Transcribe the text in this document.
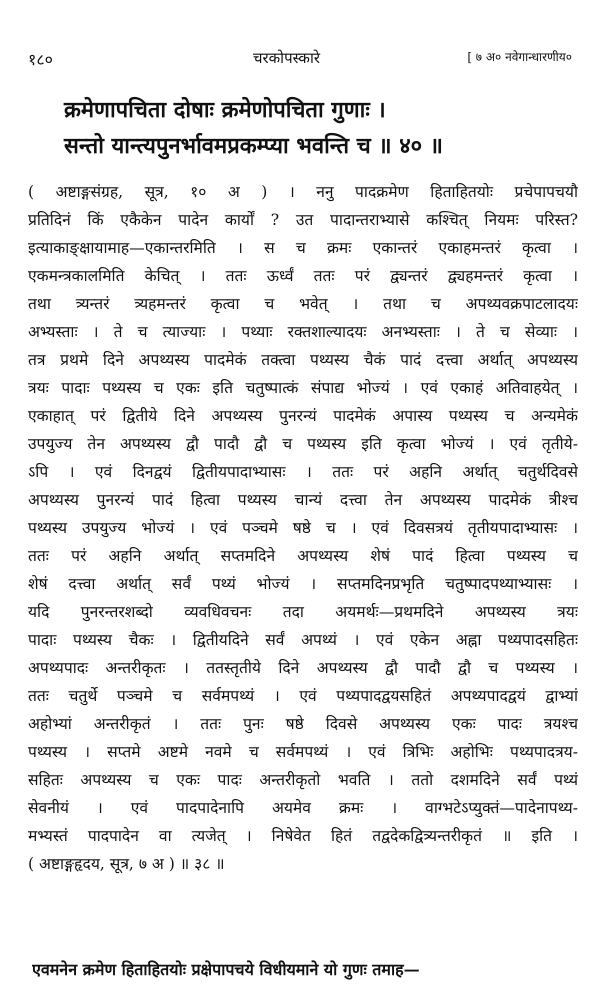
१८०	चरकोपस्कारे	[ ७ अ० नवेगान्धारणीय०
क्रमेणापचिता दोषाः क्रमेणोपचिता गुणाः ।
सन्तो यान्त्यपुनर्भावमप्रकम्प्या भवन्ति च ॥ ४० ॥
( अष्टाङ्गसंग्रह, सूत्र, १० अ ) । ननु पादक्रमेण हिताहितयोः प्रचेपापचयौ
प्रतिदिनं किं एकैकेन पादेन कार्यों ? उत पादान्तराभ्यासे कश्चित् नियमः परिस्त?
इत्याकाङ्क्षायामाह—एकान्तरमिति । स च क्रमः एकान्तरं एकाहमन्तरं कृत्वा ।
एकमन्त्रकालमिति केचित् । ततः ऊर्ध्वं ततः परं द्व्यन्तरं द्व्यहमन्तरं कृत्वा ।
तथा त्र्यन्तरं त्र्यहमन्तरं कृत्वा च भवेत् । तथा च अपथ्यवक्रपाटलादयः
अभ्यस्ताः । ते च त्याज्याः । पथ्याः रक्तशाल्यादयः अनभ्यस्ताः । ते च सेव्याः ।
तत्र प्रथमे दिने अपथ्यस्य पादमेकं तक्त्वा पथ्यस्य चैकं पादं दत्त्वा अर्थात् अपथ्यस्य
त्रयः पादाः पथ्यस्य च एकः इति चतुष्पात्कं संपाद्य भोज्यं । एवं एकाहं अतिवाहयेत् ।
एकाहात् परं द्वितीये दिने अपथ्यस्य पुनरन्यं पादमेकं अपास्य पथ्यस्य च अन्यमेकं
उपयुज्य तेन अपथ्यस्य द्वौ पादौ द्वौ च पथ्यस्य इति कृत्वा भोज्यं । एवं तृतीये-
ऽपि । एवं दिनद्वयं द्वितीयपादाभ्यासः । ततः परं अहनि अर्थात् चतुर्थदिवसे
अपथ्यस्य पुनरन्यं पादं हित्वा पथ्यस्य चान्यं दत्त्वा तेन अपथ्यस्य पादमेकं त्रीश्च
पथ्यस्य उपयुज्य भोज्यं । एवं पञ्चमे षष्ठे च । एवं दिवसत्रयं तृतीयपादाभ्यासः ।
ततः परं अहनि अर्थात् सप्तमदिने अपथ्यस्य शेषं पादं हित्वा पथ्यस्य च
शेषं दत्त्वा अर्थात् सर्वं पथ्यं भोज्यं । सप्तमदिनप्रभृति चतुष्पादपथ्याभ्यासः ।
यदि पुनरन्तरशब्दो व्यवधिवचनः तदा अयमर्थः—प्रथमदिने अपथ्यस्य त्रयः
पादाः पथ्यस्य चैकः । द्वितीयदिने सर्वं अपथ्यं । एवं एकेन अह्ना पथ्यपादसहितः
अपथ्यपादः अन्तरीकृतः । ततस्तृतीये दिने अपथ्यस्य द्वौ पादौ द्वौ च पथ्यस्य ।
ततः चतुर्थे पञ्चमे च सर्वमपथ्यं । एवं पथ्यपादद्वयसहितं अपथ्यपादद्वयं द्वाभ्यां
अहोभ्यां अन्तरीकृतं । ततः पुनः षष्ठे दिवसे अपथ्यस्य एकः पादः त्रयश्च
पथ्यस्य । सप्तमे अष्टमे नवमे च सर्वमपथ्यं । एवं त्रिभिः अहोभिः पथ्यपादत्रय-
सहितः अपथ्यस्य च एकः पादः अन्तरीकृतो भवति । ततो दशमदिने सर्वं पथ्यं
सेवनीयं । एवं पादपादेनापि अयमेव क्रमः । वाग्भटेऽप्युक्तं—पादेनापथ्य-
मभ्यस्तं पादपादेन वा त्यजेत् । निषेवेत हितं तद्वदेकद्वित्र्यन्तरीकृतं ॥ इति ।
( अष्टाङ्गहृदय, सूत्र, ७ अ ) ॥ ३८ ॥
एवमनेन क्रमेण हिताहितयोः प्रक्षेपापचये विधीयमाने यो गुणः तमाह—
